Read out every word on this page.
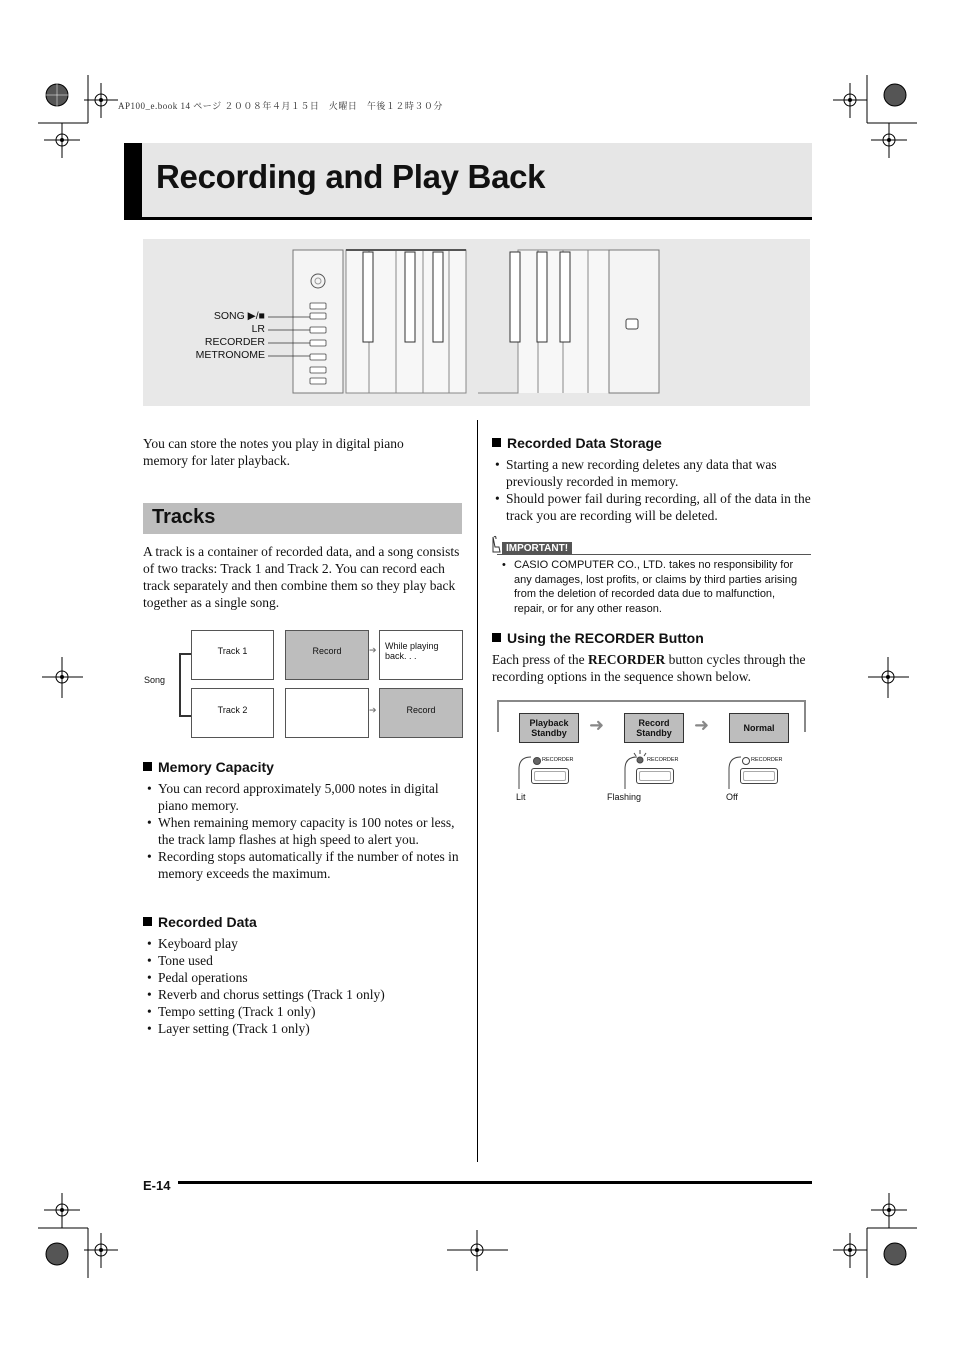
AP100_e.book 14 ページ ２００８年４月１５日　火曜日　午後１２時３０分
Recording and Play Back
SONG ▶/■
LR
RECORDER
METRONOME
You can store the notes you play in digital piano memory for later playback.
Tracks
A track is a container of recorded data, and a song consists of two tracks: Track 1 and Track 2. You can record each track separately and then combine them so they play back together as a single song.
Song
Track 1	Record	➔ While playing back. . .
Track 2	➔	Record
Memory Capacity
• You can record approximately 5,000 notes in digital piano memory.
• When remaining memory capacity is 100 notes or less, the track lamp flashes at high speed to alert you.
• Recording stops automatically if the number of notes in memory exceeds the maximum.
Recorded Data
• Keyboard play
• Tone used
• Pedal operations
• Reverb and chorus settings (Track 1 only)
• Tempo setting (Track 1 only)
• Layer setting (Track 1 only)
Recorded Data Storage
• Starting a new recording deletes any data that was previously recorded in memory.
• Should power fail during recording, all of the data in the track you are recording will be deleted.
IMPORTANT!
• CASIO COMPUTER CO., LTD. takes no responsibility for any damages, lost profits, or claims by third parties arising from the deletion of recorded data due to malfunction, repair, or for any other reason.
Using the RECORDER Button
Each press of the RECORDER button cycles through the recording options in the sequence shown below.
Playback Standby	➜	Record Standby	➜	Normal
RECORDER
Lit
RECORDER
Flashing
RECORDER
Off
E-14
